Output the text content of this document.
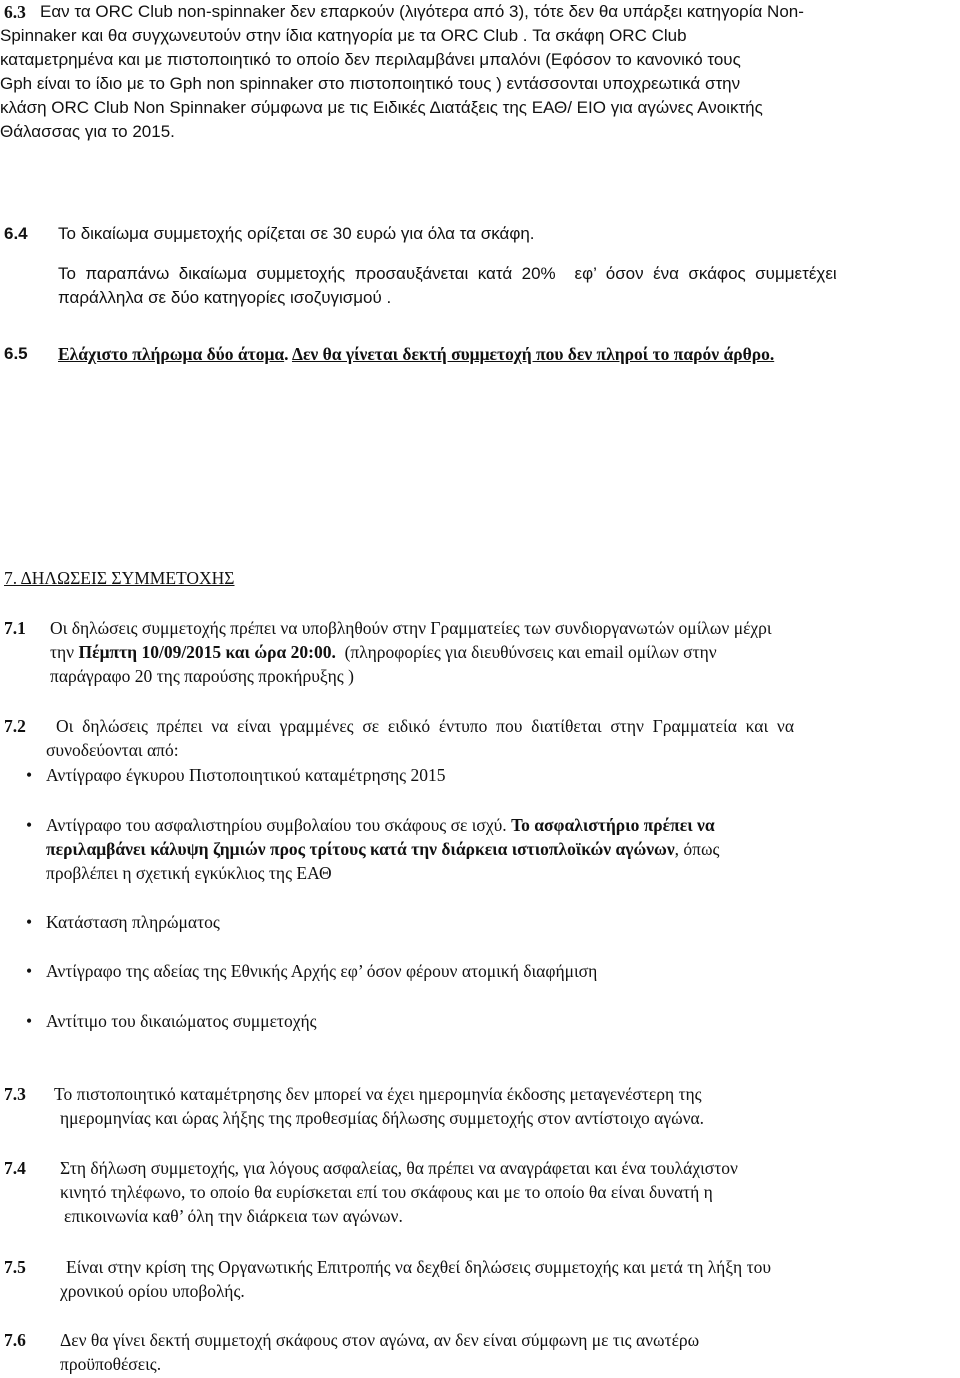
6.3 Εαν τα ORC Club non-spinnaker δεν επαρκούν (λιγότερα από 3), τότε δεν θα υπάρξει κατηγορία Non-
Spinnaker και θα συγχωνευτούν στην ίδια κατηγορία με τα ORC Club . Τα σκάφη ORC Club
καταμετρημένα και με πιστοποιητικό το οποίο δεν περιλαμβάνει μπαλόνι (Εφόσον το κανονικό τους
Gph είναι το ίδιο με το Gph non spinnaker στο πιστοποιητικό τους ) εντάσσονται υποχρεωτικά στην
κλάση ORC Club Non Spinnaker σύμφωνα με τις Ειδικές Διατάξεις της ΕΑΘ/ ΕΙΟ για αγώνες Ανοικτής
Θάλασσας για το 2015.
6.4 Το δικαίωμα συμμετοχής ορίζεται σε 30 ευρώ για όλα τα σκάφη.
Το  παραπάνω  δικαίωμα  συμμετοχής  προσαυξάνεται  κατά  20%    εφ’  όσον  ένα  σκάφος  συμμετέχει
παράλληλα σε δύο κατηγορίες ισοζυγισμού .
6.5 Ελάχιστο πλήρωμα δύο άτομα. Δεν θα γίνεται δεκτή συμμετοχή που δεν πληροί το παρόν άρθρο.
7. ΔΗΛΩΣΕΙΣ ΣΥΜΜΕΤΟΧΗΣ
7.1 Οι δηλώσεις συμμετοχής πρέπει να υποβληθούν στην Γραμματείες των συνδιοργανωτών ομίλων μέχρι
την Πέμπτη 10/09/2015 και ώρα 20:00.  (πληροφορίες για διευθύνσεις και email ομίλων στην
παράγραφο 20 της παρούσης προκήρυξης )
7.2 Οι  δηλώσεις  πρέπει  να  είναι  γραμμένες  σε  ειδικό  έντυπο  που  διατίθεται  στην  Γραμματεία  και  να
συνοδεύονται από:
• Αντίγραφο έγκυρου Πιστοποιητικού καταμέτρησης 2015
• Αντίγραφο του ασφαλιστηρίου συμβολαίου του σκάφους σε ισχύ. Το ασφαλιστήριο πρέπει να
περιλαμβάνει κάλυψη ζημιών προς τρίτους κατά την διάρκεια ιστιοπλοϊκών αγώνων, όπως
προβλέπει η σχετική εγκύκλιος της ΕΑΘ
• Κατάσταση πληρώματος
• Αντίγραφο της αδείας της Εθνικής Αρχής εφ’ όσον φέρουν ατομική διαφήμιση
• Αντίτιμο του δικαιώματος συμμετοχής
7.3 Το πιστοποιητικό καταμέτρησης δεν μπορεί να έχει ημερομηνία έκδοσης μεταγενέστερη της
ημερομηνίας και ώρας λήξης της προθεσμίας δήλωσης συμμετοχής στον αντίστοιχο αγώνα.
7.4 Στη δήλωση συμμετοχής, για λόγους ασφαλείας, θα πρέπει να αναγράφεται και ένα τουλάχιστον
κινητό τηλέφωνο, το οποίο θα ευρίσκεται επί του σκάφους και με το οποίο θα είναι δυνατή η
επικοινωνία καθ’ όλη την διάρκεια των αγώνων.
7.5 Είναι στην κρίση της Οργανωτικής Επιτροπής να δεχθεί δηλώσεις συμμετοχής και μετά τη λήξη του
χρονικού ορίου υποβολής.
7.6 Δεν θα γίνει δεκτή συμμετοχή σκάφους στον αγώνα, αν δεν είναι σύμφωνη με τις ανωτέρω
προϋποθέσεις.
